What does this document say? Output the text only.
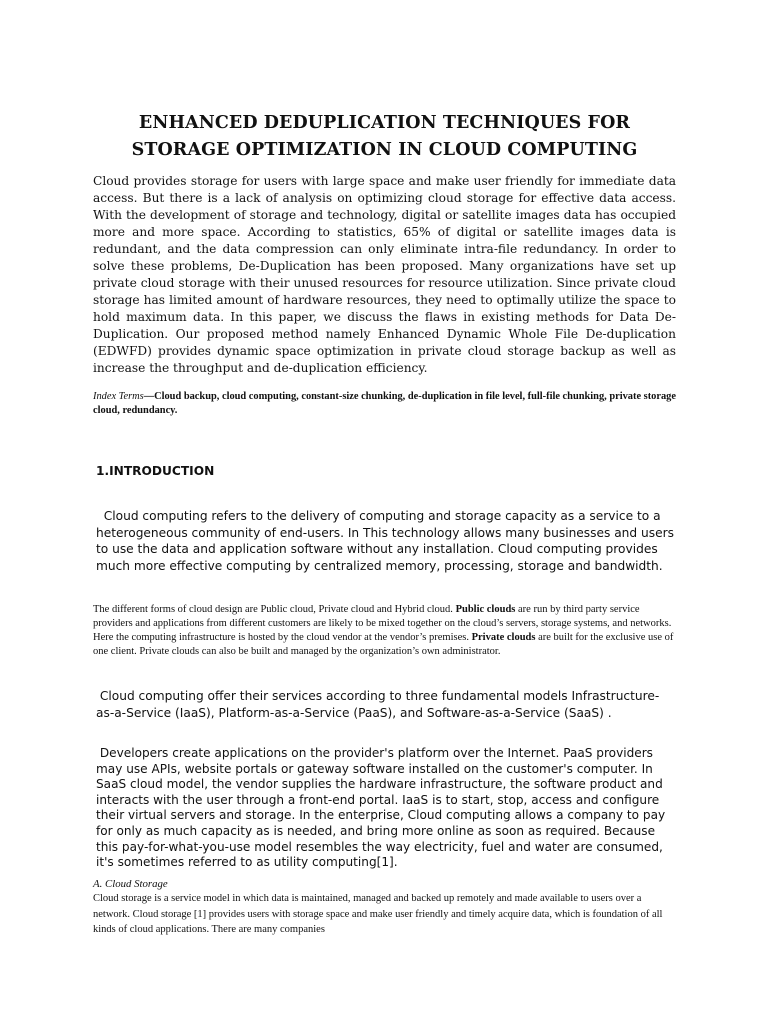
ENHANCED DEDUPLICATION TECHNIQUES FOR
STORAGE OPTIMIZATION IN CLOUD COMPUTING

Cloud provides storage for users with large space and make user friendly for immediate data access. But there is a lack of analysis on optimizing cloud storage for effective data access. With the development of storage and technology, digital or satellite images data has occupied more and more space. According to statistics, 65% of digital or satellite images data is redundant, and the data compression can only eliminate intra-file redundancy. In order to solve these problems, De-Duplication has been proposed. Many organizations have set up private cloud storage with their unused resources for resource utilization. Since private cloud storage has limited amount of hardware resources, they need to optimally utilize the space to hold maximum data. In this paper, we discuss the flaws in existing methods for Data De-Duplication. Our proposed method namely Enhanced Dynamic Whole File De-duplication (EDWFD) provides dynamic space optimization in private cloud storage backup as well as increase the throughput and de-duplication efficiency.

Index Terms—Cloud backup, cloud computing, constant-size chunking, de-duplication in file level, full-file chunking, private storage cloud, redundancy.

1.INTRODUCTION

Cloud computing refers to the delivery of computing and storage capacity as a service to a heterogeneous community of end-users. In This technology allows many businesses and users to use the data and application software without any installation. Cloud computing provides much more effective computing by centralized memory, processing, storage and bandwidth.

The different forms of cloud design are Public cloud, Private cloud and Hybrid cloud. Public clouds are run by third party service providers and applications from different customers are likely to be mixed together on the cloud’s servers, storage systems, and networks. Here the computing infrastructure is hosted by the cloud vendor at the vendor’s premises. Private clouds are built for the exclusive use of one client. Private clouds can also be built and managed by the organization’s own administrator.

Cloud computing offer their services according to three fundamental models Infrastructure-as-a-Service (IaaS), Platform-as-a-Service (PaaS), and Software-as-a-Service (SaaS) .

Developers create applications on the provider's platform over the Internet. PaaS providers may use APIs, website portals or gateway software installed on the customer's computer. In SaaS cloud model, the vendor supplies the hardware infrastructure, the software product and interacts with the user through a front-end portal. IaaS is to start, stop, access and configure their virtual servers and storage. In the enterprise, Cloud computing allows a company to pay for only as much capacity as is needed, and bring more online as soon as required. Because this pay-for-what-you-use model resembles the way electricity, fuel and water are consumed, it's sometimes referred to as utility computing[1].

A. Cloud Storage

Cloud storage is a service model in which data is maintained, managed and backed up remotely and made available to users over a network. Cloud storage [1] provides users with storage space and make user friendly and timely acquire data, which is foundation of all kinds of cloud applications. There are many companies
